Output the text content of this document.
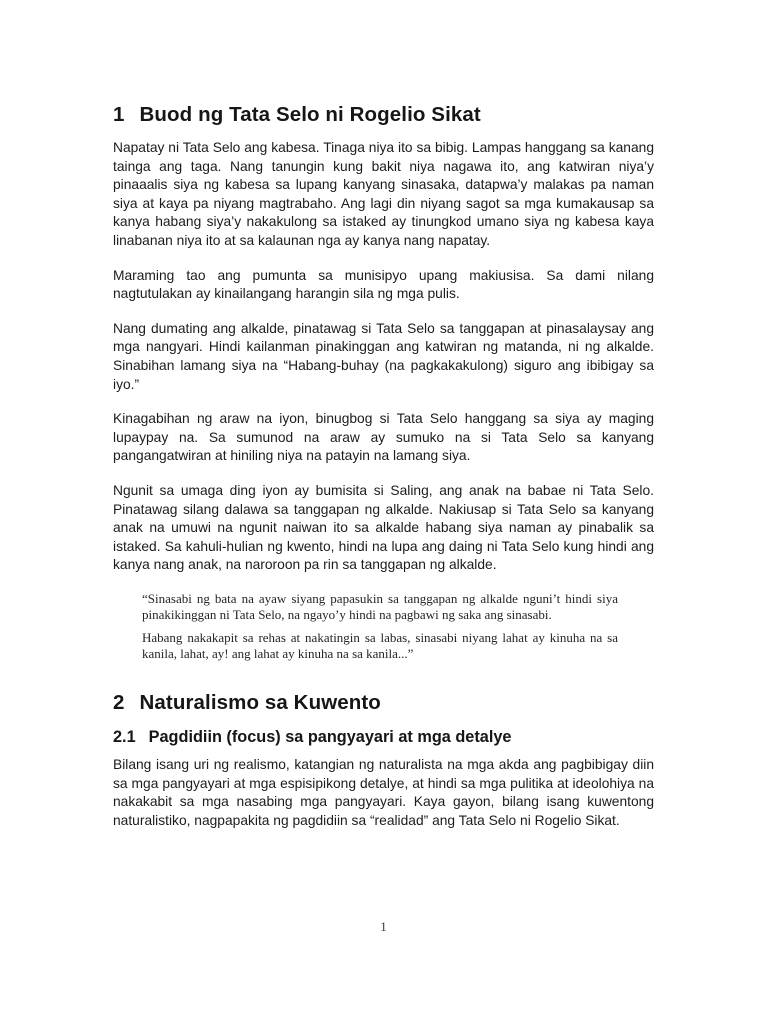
1 Buod ng Tata Selo ni Rogelio Sikat

Napatay ni Tata Selo ang kabesa. Tinaga niya ito sa bibig. Lampas hanggang sa kanang tainga ang taga. Nang tanungin kung bakit niya nagawa ito, ang katwiran niya’y pinaaalis siya ng kabesa sa lupang kanyang sinasaka, datapwa’y malakas pa naman siya at kaya pa niyang magtrabaho. Ang lagi din niyang sagot sa mga kumakausap sa kanya habang siya’y nakakulong sa istaked ay tinungkod umano siya ng kabesa kaya linabanan niya ito at sa kalaunan nga ay kanya nang napatay.

Maraming tao ang pumunta sa munisipyo upang makiusisa. Sa dami nilang nagtutulakan ay kinailangang harangin sila ng mga pulis.

Nang dumating ang alkalde, pinatawag si Tata Selo sa tanggapan at pinasalaysay ang mga nangyari. Hindi kailanman pinakinggan ang katwiran ng matanda, ni ng alkalde. Sinabihan lamang siya na “Habang-buhay (na pagkakakulong) siguro ang ibibigay sa iyo.”

Kinagabihan ng araw na iyon, binugbog si Tata Selo hanggang sa siya ay maging lupaypay na. Sa sumunod na araw ay sumuko na si Tata Selo sa kanyang pangangatwiran at hiniling niya na patayin na lamang siya.

Ngunit sa umaga ding iyon ay bumisita si Saling, ang anak na babae ni Tata Selo. Pinatawag silang dalawa sa tanggapan ng alkalde. Nakiusap si Tata Selo sa kanyang anak na umuwi na ngunit naiwan ito sa alkalde habang siya naman ay pinabalik sa istaked. Sa kahuli-hulian ng kwento, hindi na lupa ang daing ni Tata Selo kung hindi ang kanya nang anak, na naroroon pa rin sa tanggapan ng alkalde.

“Sinasabi ng bata na ayaw siyang papasukin sa tanggapan ng alkalde nguni’t hindi siya pinakikinggan ni Tata Selo, na ngayo’y hindi na pagbawi ng saka ang sinasabi.

Habang nakakapit sa rehas at nakatingin sa labas, sinasabi niyang lahat ay kinuha na sa kanila, lahat, ay! ang lahat ay kinuha na sa kanila...”

2 Naturalismo sa Kuwento
2.1 Pagdidiin (focus) sa pangyayari at mga detalye

Bilang isang uri ng realismo, katangian ng naturalista na mga akda ang pagbibigay diin sa mga pangyayari at mga espisipikong detalye, at hindi sa mga pulitika at ideolohiya na nakakabit sa mga nasabing mga pangyayari. Kaya gayon, bilang isang kuwentong naturalistiko, nagpapakita ng pagdidiin sa “realidad” ang Tata Selo ni Rogelio Sikat.

1
